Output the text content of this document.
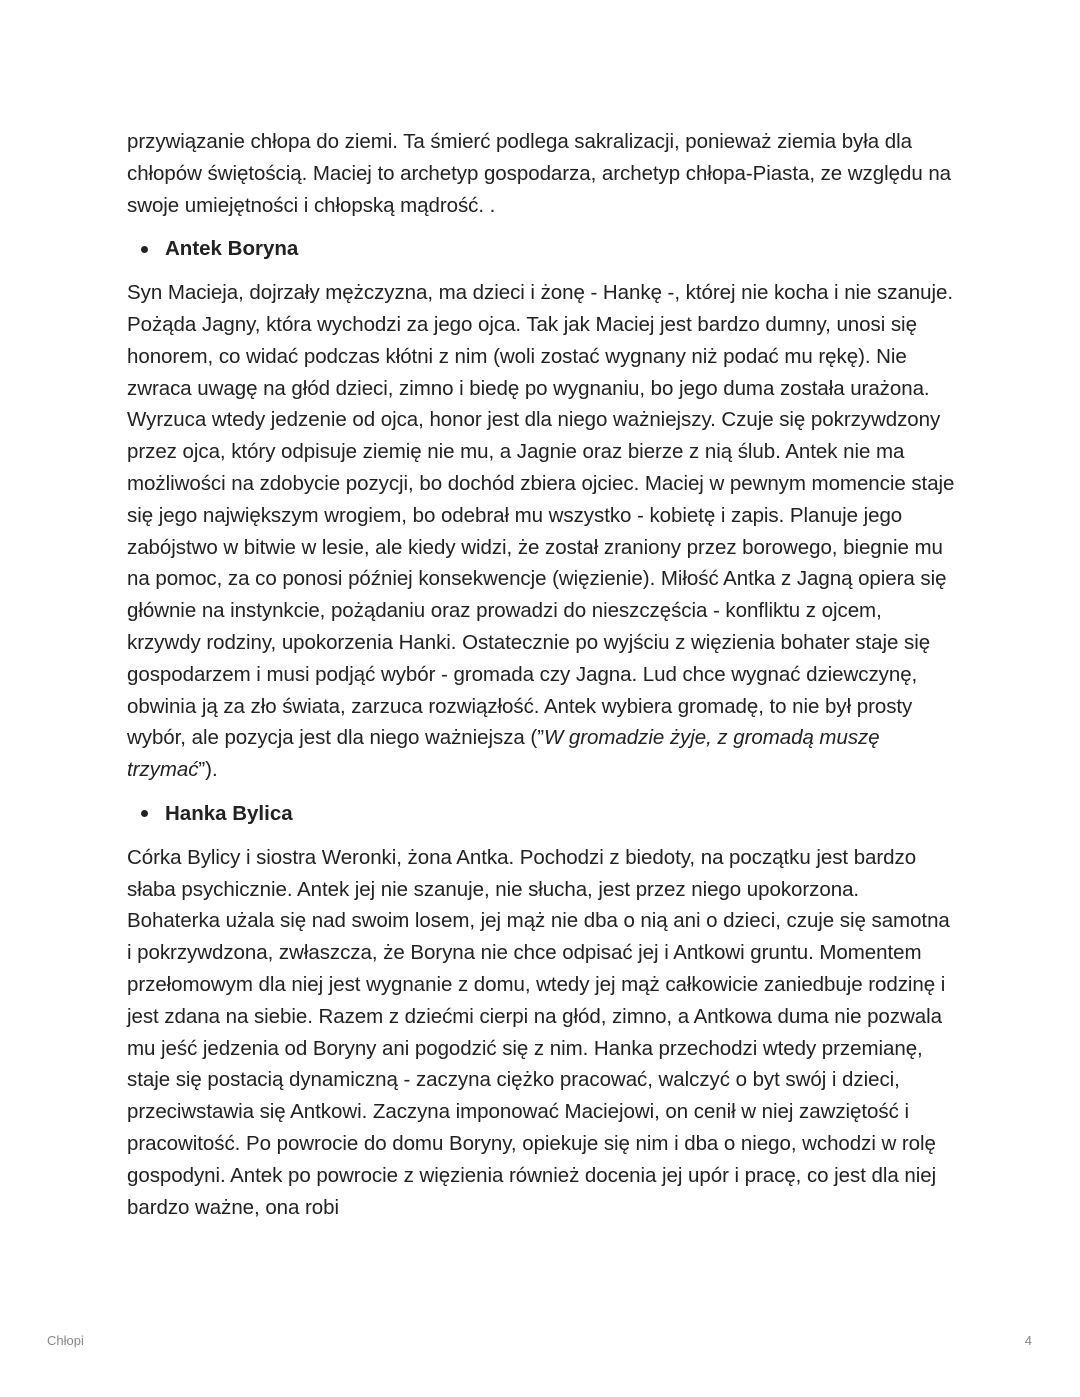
przywiązanie chłopa do ziemi. Ta śmierć podlega sakralizacji, ponieważ ziemia była dla chłopów świętością. Maciej to archetyp gospodarza, archetyp chłopa-Piasta, ze względu na swoje umiejętności i chłopską mądrość. .

Antek Boryna

Syn Macieja, dojrzały mężczyzna, ma dzieci i żonę - Hankę -, której nie kocha i nie szanuje. Pożąda Jagny, która wychodzi za jego ojca. Tak jak Maciej jest bardzo dumny, unosi się honorem, co widać podczas kłótni z nim (woli zostać wygnany niż podać mu rękę). Nie zwraca uwagę na głód dzieci, zimno i biedę po wygnaniu, bo jego duma została urażona. Wyrzuca wtedy jedzenie od ojca, honor jest dla niego ważniejszy. Czuje się pokrzywdzony przez ojca, który odpisuje ziemię nie mu, a Jagnie oraz bierze z nią ślub. Antek nie ma możliwości na zdobycie pozycji, bo dochód zbiera ojciec. Maciej w pewnym momencie staje się jego największym wrogiem, bo odebrał mu wszystko - kobietę i zapis. Planuje jego zabójstwo w bitwie w lesie, ale kiedy widzi, że został zraniony przez borowego, biegnie mu na pomoc, za co ponosi później konsekwencje (więzienie). Miłość Antka z Jagną opiera się głównie na instynkcie, pożądaniu oraz prowadzi do nieszczęścia - konfliktu z ojcem, krzywdy rodziny, upokorzenia Hanki. Ostatecznie po wyjściu z więzienia bohater staje się gospodarzem i musi podjąć wybór - gromada czy Jagna. Lud chce wygnać dziewczynę, obwinia ją za zło świata, zarzuca rozwiązłość. Antek wybiera gromadę, to nie był prosty wybór, ale pozycja jest dla niego ważniejsza (”W gromadzie żyje, z gromadą muszę trzymać”).

Hanka Bylica

Córka Bylicy i siostra Weronki, żona Antka. Pochodzi z biedoty, na początku jest bardzo słaba psychicznie. Antek jej nie szanuje, nie słucha, jest przez niego upokorzona. Bohaterka użala się nad swoim losem, jej mąż nie dba o nią ani o dzieci, czuje się samotna i pokrzywdzona, zwłaszcza, że Boryna nie chce odpisać jej i Antkowi gruntu. Momentem przełomowym dla niej jest wygnanie z domu, wtedy jej mąż całkowicie zaniedbuje rodzinę i jest zdana na siebie. Razem z dziećmi cierpi na głód, zimno, a Antkowa duma nie pozwala mu jeść jedzenia od Boryny ani pogodzić się z nim. Hanka przechodzi wtedy przemianę, staje się postacią dynamiczną - zaczyna ciężko pracować, walczyć o byt swój i dzieci, przeciwstawia się Antkowi. Zaczyna imponować Maciejowi, on cenił w niej zawziętość i pracowitość. Po powrocie do domu Boryny, opiekuje się nim i dba o niego, wchodzi w rolę gospodyni. Antek po powrocie z więzienia również docenia jej upór i pracę, co jest dla niej bardzo ważne, ona robi

Chłopi	4
